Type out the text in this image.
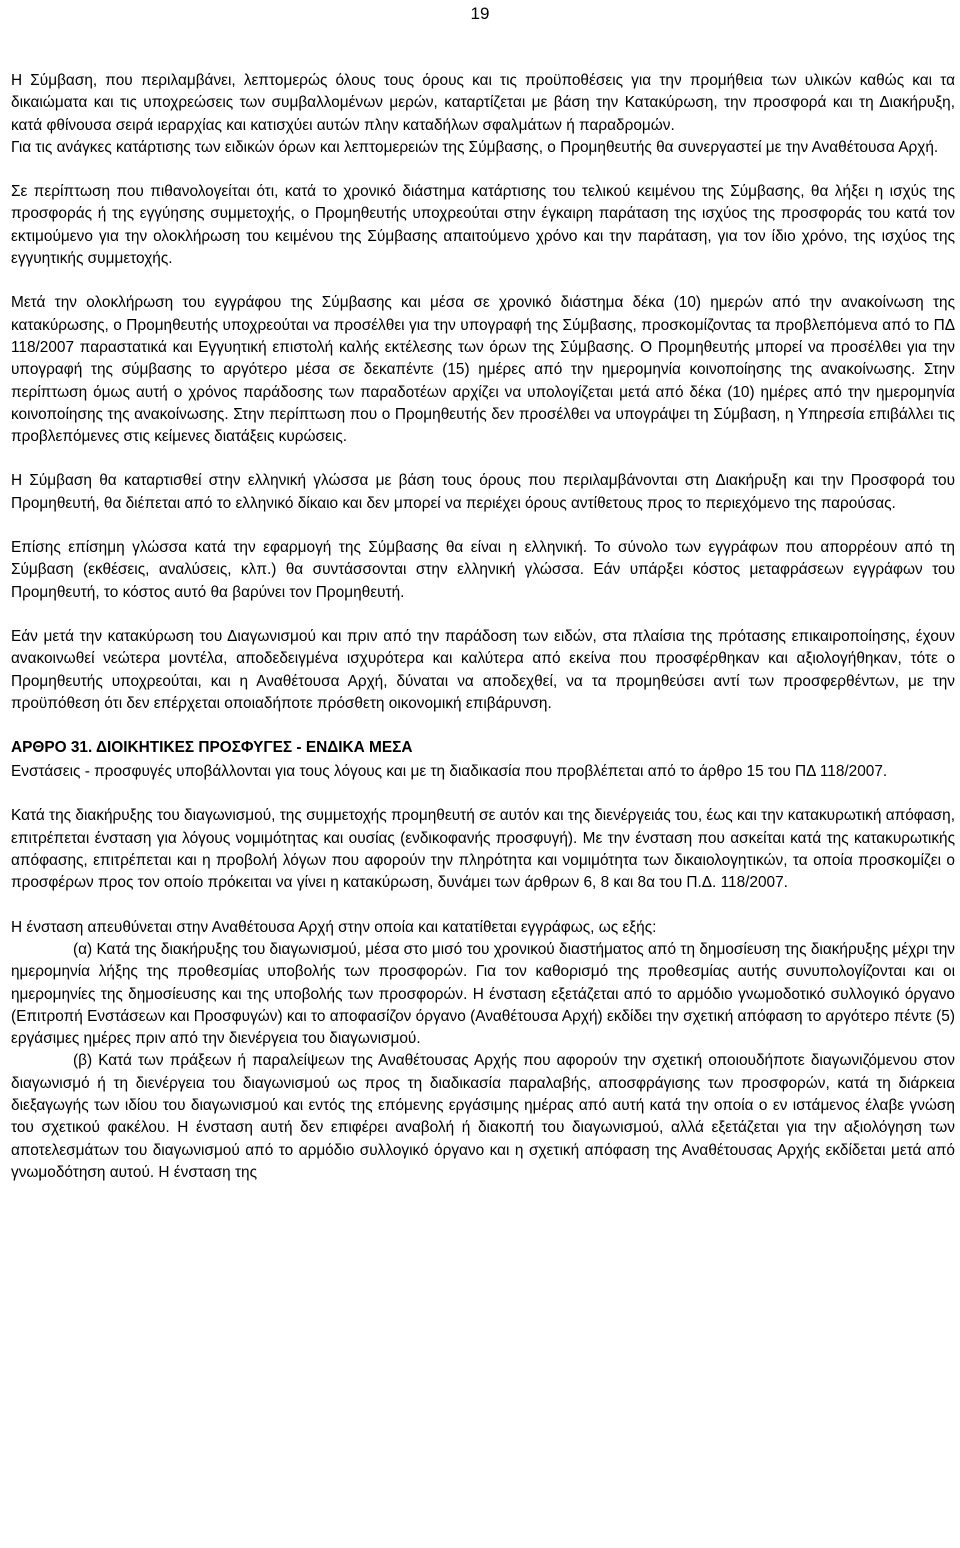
19

Η Σύμβαση, που περιλαμβάνει, λεπτομερώς όλους τους όρους και τις προϋποθέσεις για την προμήθεια των υλικών καθώς και τα δικαιώματα και τις υποχρεώσεις των συμβαλλομένων μερών, καταρτίζεται με βάση την Κατακύρωση, την προσφορά και τη Διακήρυξη, κατά φθίνουσα σειρά ιεραρχίας και κατισχύει αυτών πλην καταδήλων σφαλμάτων ή παραδρομών.

Για τις ανάγκες κατάρτισης των ειδικών όρων και λεπτομερειών της Σύμβασης, ο Προμηθευτής θα συνεργαστεί με την Αναθέτουσα Αρχή.

Σε περίπτωση που πιθανολογείται ότι, κατά το χρονικό διάστημα κατάρτισης του τελικού κειμένου της Σύμβασης, θα λήξει η ισχύς της προσφοράς ή της εγγύησης συμμετοχής, ο Προμηθευτής υποχρεούται στην έγκαιρη παράταση της ισχύος της προσφοράς του κατά τον εκτιμούμενο για την ολοκλήρωση του κειμένου της Σύμβασης απαιτούμενο χρόνο και την παράταση, για τον ίδιο χρόνο, της ισχύος της εγγυητικής συμμετοχής.

Μετά την ολοκλήρωση του εγγράφου της Σύμβασης και μέσα σε χρονικό διάστημα δέκα (10) ημερών από την ανακοίνωση της κατακύρωσης, ο Προμηθευτής υποχρεούται να προσέλθει για την υπογραφή της Σύμβασης, προσκομίζοντας τα προβλεπόμενα από το ΠΔ 118/2007 παραστατικά και Εγγυητική επιστολή καλής εκτέλεσης των όρων της Σύμβασης. Ο Προμηθευτής μπορεί να προσέλθει για την υπογραφή της σύμβασης το αργότερο μέσα σε δεκαπέντε (15) ημέρες από την ημερομηνία κοινοποίησης της ανακοίνωσης. Στην περίπτωση όμως αυτή ο χρόνος παράδοσης των παραδοτέων αρχίζει να υπολογίζεται μετά από δέκα (10) ημέρες από την ημερομηνία κοινοποίησης της ανακοίνωσης. Στην περίπτωση που ο Προμηθευτής δεν προσέλθει να υπογράψει τη Σύμβαση, η Υπηρεσία επιβάλλει τις προβλεπόμενες στις κείμενες διατάξεις κυρώσεις.

Η Σύμβαση θα καταρτισθεί στην ελληνική γλώσσα με βάση τους όρους που περιλαμβάνονται στη Διακήρυξη και την Προσφορά του Προμηθευτή, θα διέπεται από το ελληνικό δίκαιο και δεν μπορεί να περιέχει όρους αντίθετους προς το περιεχόμενο της παρούσας.

Επίσης επίσημη γλώσσα κατά την εφαρμογή της Σύμβασης θα είναι η ελληνική. Το σύνολο των εγγράφων που απορρέουν από τη Σύμβαση (εκθέσεις, αναλύσεις, κλπ.) θα συντάσσονται στην ελληνική γλώσσα. Εάν υπάρξει κόστος μεταφράσεων εγγράφων του Προμηθευτή, το κόστος αυτό θα βαρύνει τον Προμηθευτή.

Εάν μετά την κατακύρωση του Διαγωνισμού και πριν από την παράδοση των ειδών, στα πλαίσια της πρότασης επικαιροποίησης, έχουν ανακοινωθεί νεώτερα μοντέλα, αποδεδειγμένα ισχυρότερα και καλύτερα από εκείνα που προσφέρθηκαν και αξιολογήθηκαν, τότε ο Προμηθευτής υποχρεούται, και η Αναθέτουσα Αρχή, δύναται να αποδεχθεί, να τα προμηθεύσει αντί των προσφερθέντων, με την προϋπόθεση ότι δεν επέρχεται οποιαδήποτε πρόσθετη οικονομική επιβάρυνση.

ΑΡΘΡΟ 31. ΔΙΟΙΚΗΤΙΚΕΣ ΠΡΟΣΦΥΓΕΣ - ΕΝΔΙΚΑ ΜΕΣΑ

Ενστάσεις - προσφυγές υποβάλλονται για τους λόγους και με τη διαδικασία που προβλέπεται από το άρθρο 15 του ΠΔ 118/2007.

Κατά της διακήρυξης του διαγωνισμού, της συμμετοχής προμηθευτή σε αυτόν και της διενέργειάς του, έως και την κατακυρωτική απόφαση, επιτρέπεται ένσταση για λόγους νομιμότητας και ουσίας (ενδικοφανής προσφυγή). Με την ένσταση που ασκείται κατά της κατακυρωτικής απόφασης, επιτρέπεται και η προβολή λόγων που αφορούν την πληρότητα και νομιμότητα των δικαιολογητικών, τα οποία προσκομίζει ο προσφέρων προς τον οποίο πρόκειται να γίνει η κατακύρωση, δυνάμει των άρθρων 6, 8 και 8α του Π.Δ. 118/2007.

Η ένσταση απευθύνεται στην Αναθέτουσα Αρχή στην οποία και κατατίθεται εγγράφως, ως εξής:

(α) Κατά της διακήρυξης του διαγωνισμού, μέσα στο μισό του χρονικού διαστήματος από τη δημοσίευση της διακήρυξης μέχρι την ημερομηνία λήξης της προθεσμίας υποβολής των προσφορών. Για τον καθορισμό της προθεσμίας αυτής συνυπολογίζονται και οι ημερομηνίες της δημοσίευσης και της υποβολής των προσφορών. Η ένσταση εξετάζεται από το αρμόδιο γνωμοδοτικό συλλογικό όργανο (Επιτροπή Ενστάσεων και Προσφυγών) και το αποφασίζον όργανο (Αναθέτουσα Αρχή) εκδίδει την σχετική απόφαση το αργότερο πέντε (5) εργάσιμες ημέρες πριν από την διενέργεια του διαγωνισμού.

(β) Κατά των πράξεων ή παραλείψεων της Αναθέτουσας Αρχής που αφορούν την σχετική οποιουδήποτε διαγωνιζόμενου στον διαγωνισμό ή τη διενέργεια του διαγωνισμού ως προς τη διαδικασία παραλαβής, αποσφράγισης των προσφορών, κατά τη διάρκεια διεξαγωγής των ιδίου του διαγωνισμού και εντός της επόμενης εργάσιμης ημέρας από αυτή κατά την οποία ο εν ιστάμενος έλαβε γνώση του σχετικού φακέλου. Η ένσταση αυτή δεν επιφέρει αναβολή ή διακοπή του διαγωνισμού, αλλά εξετάζεται για την αξιολόγηση των αποτελεσμάτων του διαγωνισμού από το αρμόδιο συλλογικό όργανο και η σχετική απόφαση της Αναθέτουσας Αρχής εκδίδεται μετά από γνωμοδότηση αυτού. Η ένσταση της
